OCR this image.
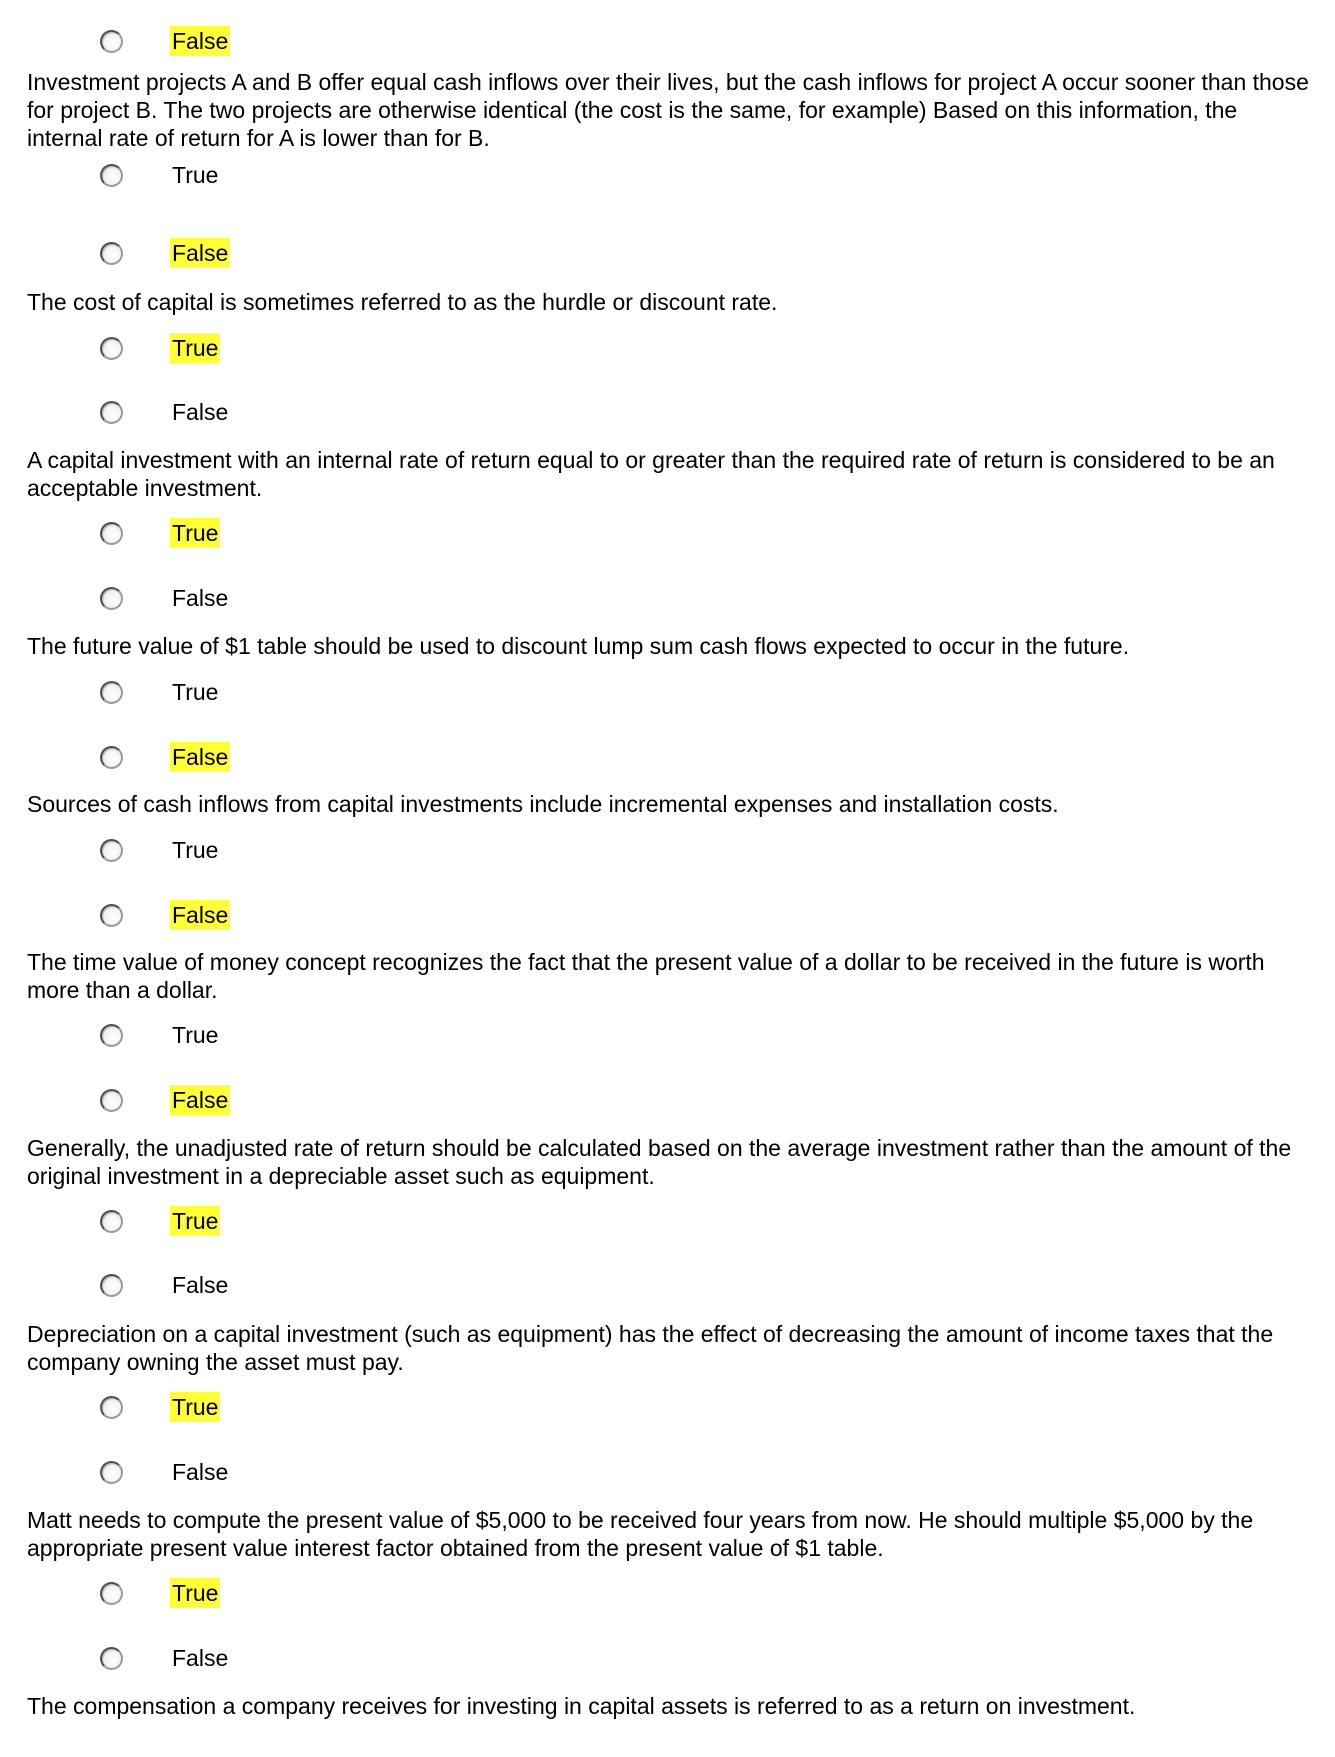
False

Investment projects A and B offer equal cash inflows over their lives, but the cash inflows for project A occur sooner than those for project B. The two projects are otherwise identical (the cost is the same, for example) Based on this information, the internal rate of return for A is lower than for B.

True
False

The cost of capital is sometimes referred to as the hurdle or discount rate.

True
False

A capital investment with an internal rate of return equal to or greater than the required rate of return is considered to be an acceptable investment.

True
False

The future value of $1 table should be used to discount lump sum cash flows expected to occur in the future.

True
False

Sources of cash inflows from capital investments include incremental expenses and installation costs.

True
False

The time value of money concept recognizes the fact that the present value of a dollar to be received in the future is worth more than a dollar.

True
False

Generally, the unadjusted rate of return should be calculated based on the average investment rather than the amount of the original investment in a depreciable asset such as equipment.

True
False

Depreciation on a capital investment (such as equipment) has the effect of decreasing the amount of income taxes that the company owning the asset must pay.

True
False

Matt needs to compute the present value of $5,000 to be received four years from now. He should multiple $5,000 by the appropriate present value interest factor obtained from the present value of $1 table.

True
False

The compensation a company receives for investing in capital assets is referred to as a return on investment.
